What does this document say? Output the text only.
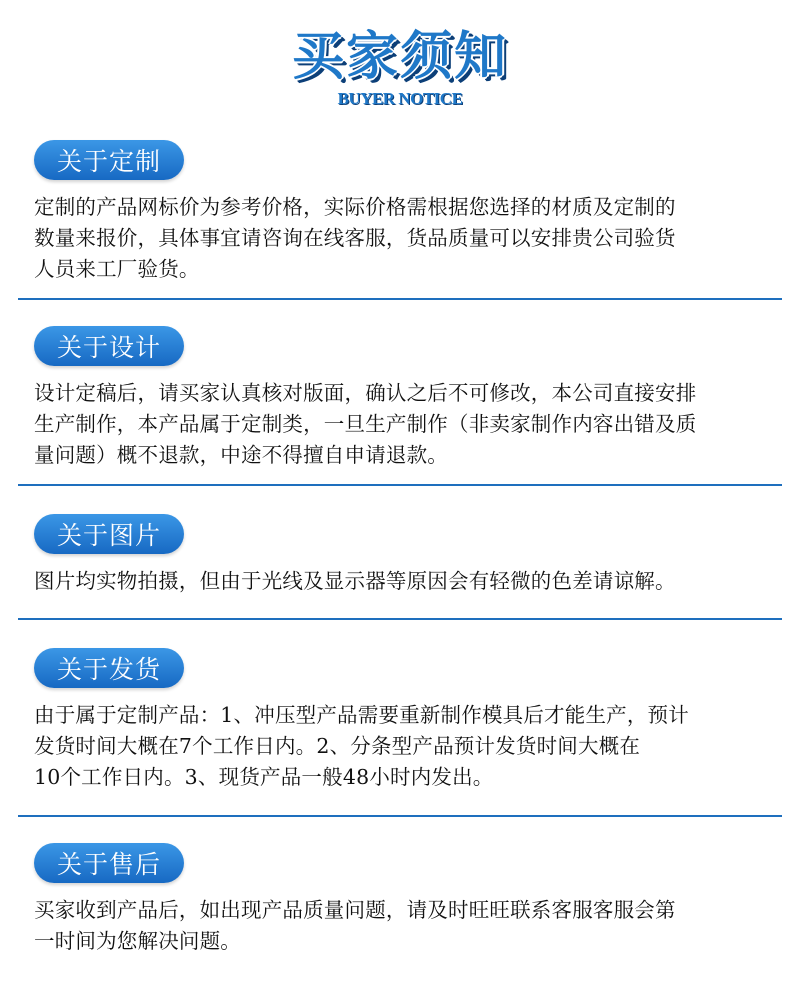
买家须知
BUYER NOTICE
关于定制
定制的产品网标价为参考价格，实际价格需根据您选择的材质及定制的
数量来报价，具体事宜请咨询在线客服，货品质量可以安排贵公司验货
人员来工厂验货。
关于设计
设计定稿后，请买家认真核对版面，确认之后不可修改，本公司直接安排
生产制作，本产品属于定制类，一旦生产制作（非卖家制作内容出错及质
量问题）概不退款，中途不得擅自申请退款。
关于图片
图片均实物拍摄，但由于光线及显示器等原因会有轻微的色差请谅解。
关于发货
由于属于定制产品：1、冲压型产品需要重新制作模具后才能生产，预计
发货时间大概在7个工作日内。2、分条型产品预计发货时间大概在
10个工作日内。3、现货产品一般48小时内发出。
关于售后
买家收到产品后，如出现产品质量问题，请及时旺旺联系客服客服会第
一时间为您解决问题。
